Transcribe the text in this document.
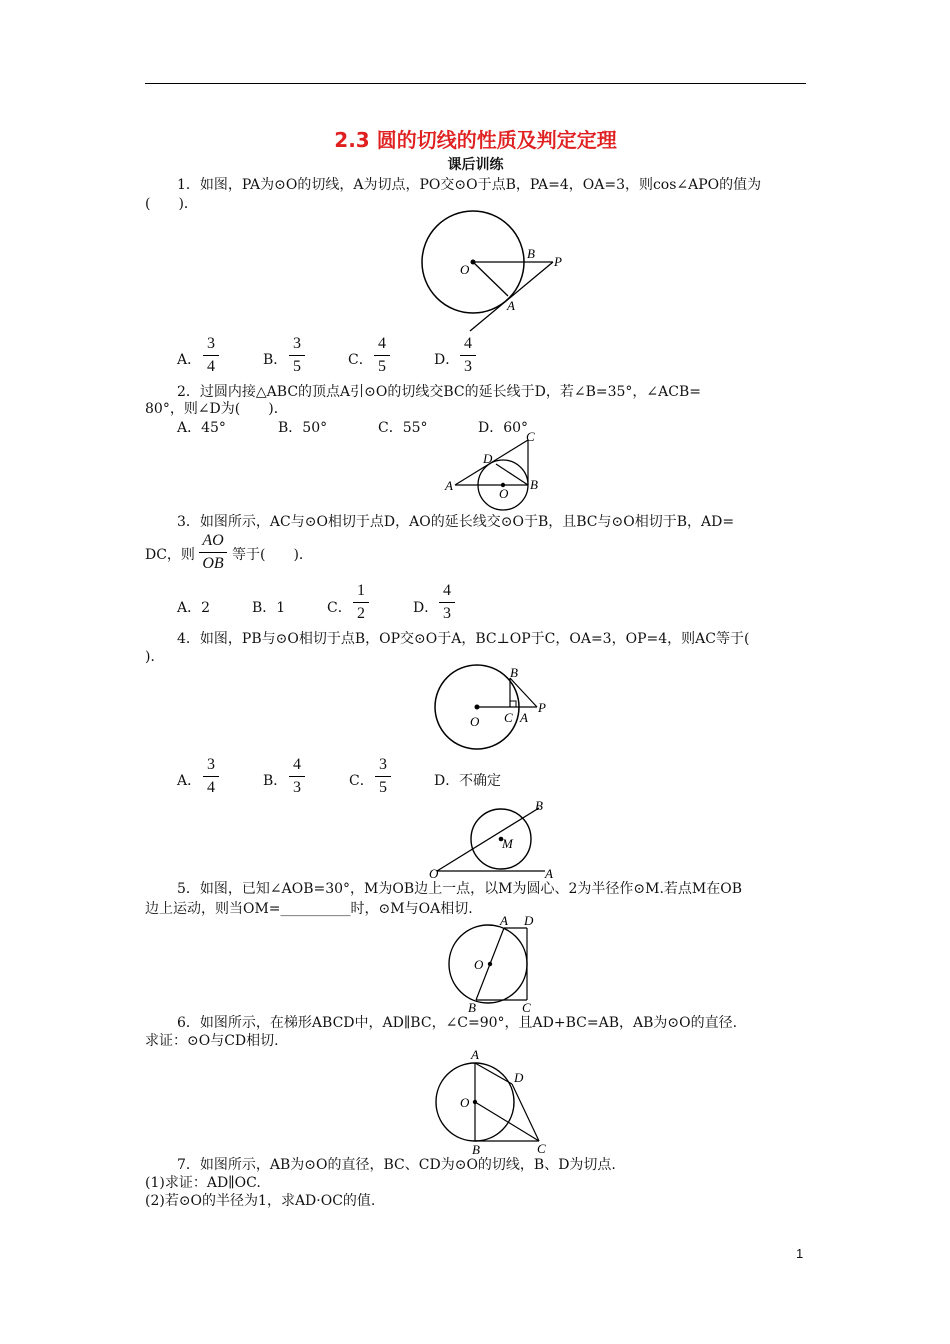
2.3 圆的切线的性质及判定定理
课后训练
1．如图，PA为⊙O的切线，A为切点，PO交⊙O于点B，PA=4，OA=3，则cos∠APO的值为
(　　)．
O
B
P
A
A．
3
4	B．
3
5	C．
4
5	D．
4
3
2．过圆内接△ABC的顶点A引⊙O的切线交BC的延长线于D，若∠B=35°，∠ACB=
80°，则∠D为(　　)．
A．45°	B．50°	C．55°	D．60°
C
D
A
O
B
3．如图所示，AC与⊙O相切于点D，AO的延长线交⊙O于B，且BC与⊙O相切于B，AD=
DC，则
AO
OB 等于(　　)．
A．2	B．1	C．
1
2	D．
4
3
4．如图，PB与⊙O相切于点B，OP交⊙O于A，BC⊥OP于C，OA=3，OP=4，则AC等于(
)．
B
O C A
P
A．
3
4	B．
4
3	C．
3
5	D． 不确定
B
M
O	A
5．如图，已知∠AOB=30°，M为OB边上一点，以M为圆心、2为半径作⊙M.若点M在OB
边上运动，则当OM=__________时，⊙M与OA相切.
A D
O
B	C
6．如图所示，在梯形ABCD中，AD∥BC，∠C=90°，且AD+BC=AB，AB为⊙O的直径.
求证：⊙O与CD相切.
A
D
O
B	C
7．如图所示，AB为⊙O的直径，BC、CD为⊙O的切线，B、D为切点.
(1)求证：AD∥OC.
(2)若⊙O的半径为1，求AD·OC的值.
1
